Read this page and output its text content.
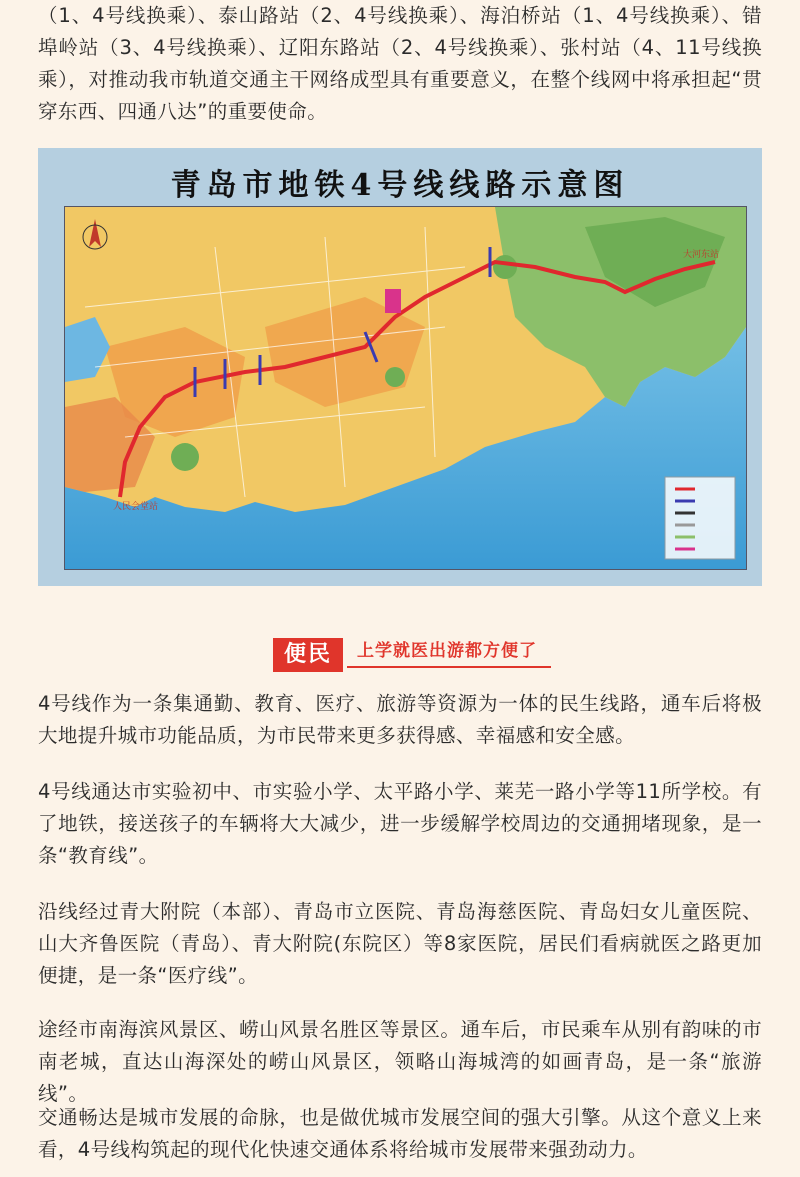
（1、4号线换乘）、泰山路站（2、4号线换乘）、海泊桥站（1、4号线换乘）、错埠岭站（3、4号线换乘）、辽阳东路站（2、4号线换乘）、张村站（4、11号线换乘），对推动我市轨道交通主干网络成型具有重要意义，在整个线网中将承担起“贯穿东西、四通八达”的重要使命。

青岛市地铁4号线线路示意图
人民会堂站
大河东站
便民	上学就医出游都方便了

4号线作为一条集通勤、教育、医疗、旅游等资源为一体的民生线路，通车后将极大地提升城市功能品质，为市民带来更多获得感、幸福感和安全感。

4号线通达市实验初中、市实验小学、太平路小学、莱芜一路小学等11所学校。有了地铁，接送孩子的车辆将大大减少，进一步缓解学校周边的交通拥堵现象，是一条“教育线”。

沿线经过青大附院（本部）、青岛市立医院、青岛海慈医院、青岛妇女儿童医院、山大齐鲁医院（青岛）、青大附院(东院区）等8家医院，居民们看病就医之路更加便捷，是一条“医疗线”。

途经市南海滨风景区、崂山风景名胜区等景区。通车后，市民乘车从别有韵味的市南老城，直达山海深处的崂山风景区，领略山海城湾的如画青岛，是一条“旅游线”。

交通畅达是城市发展的命脉，也是做优城市发展空间的强大引擎。从这个意义上来看，4号线构筑起的现代化快速交通体系将给城市发展带来强劲动力。
